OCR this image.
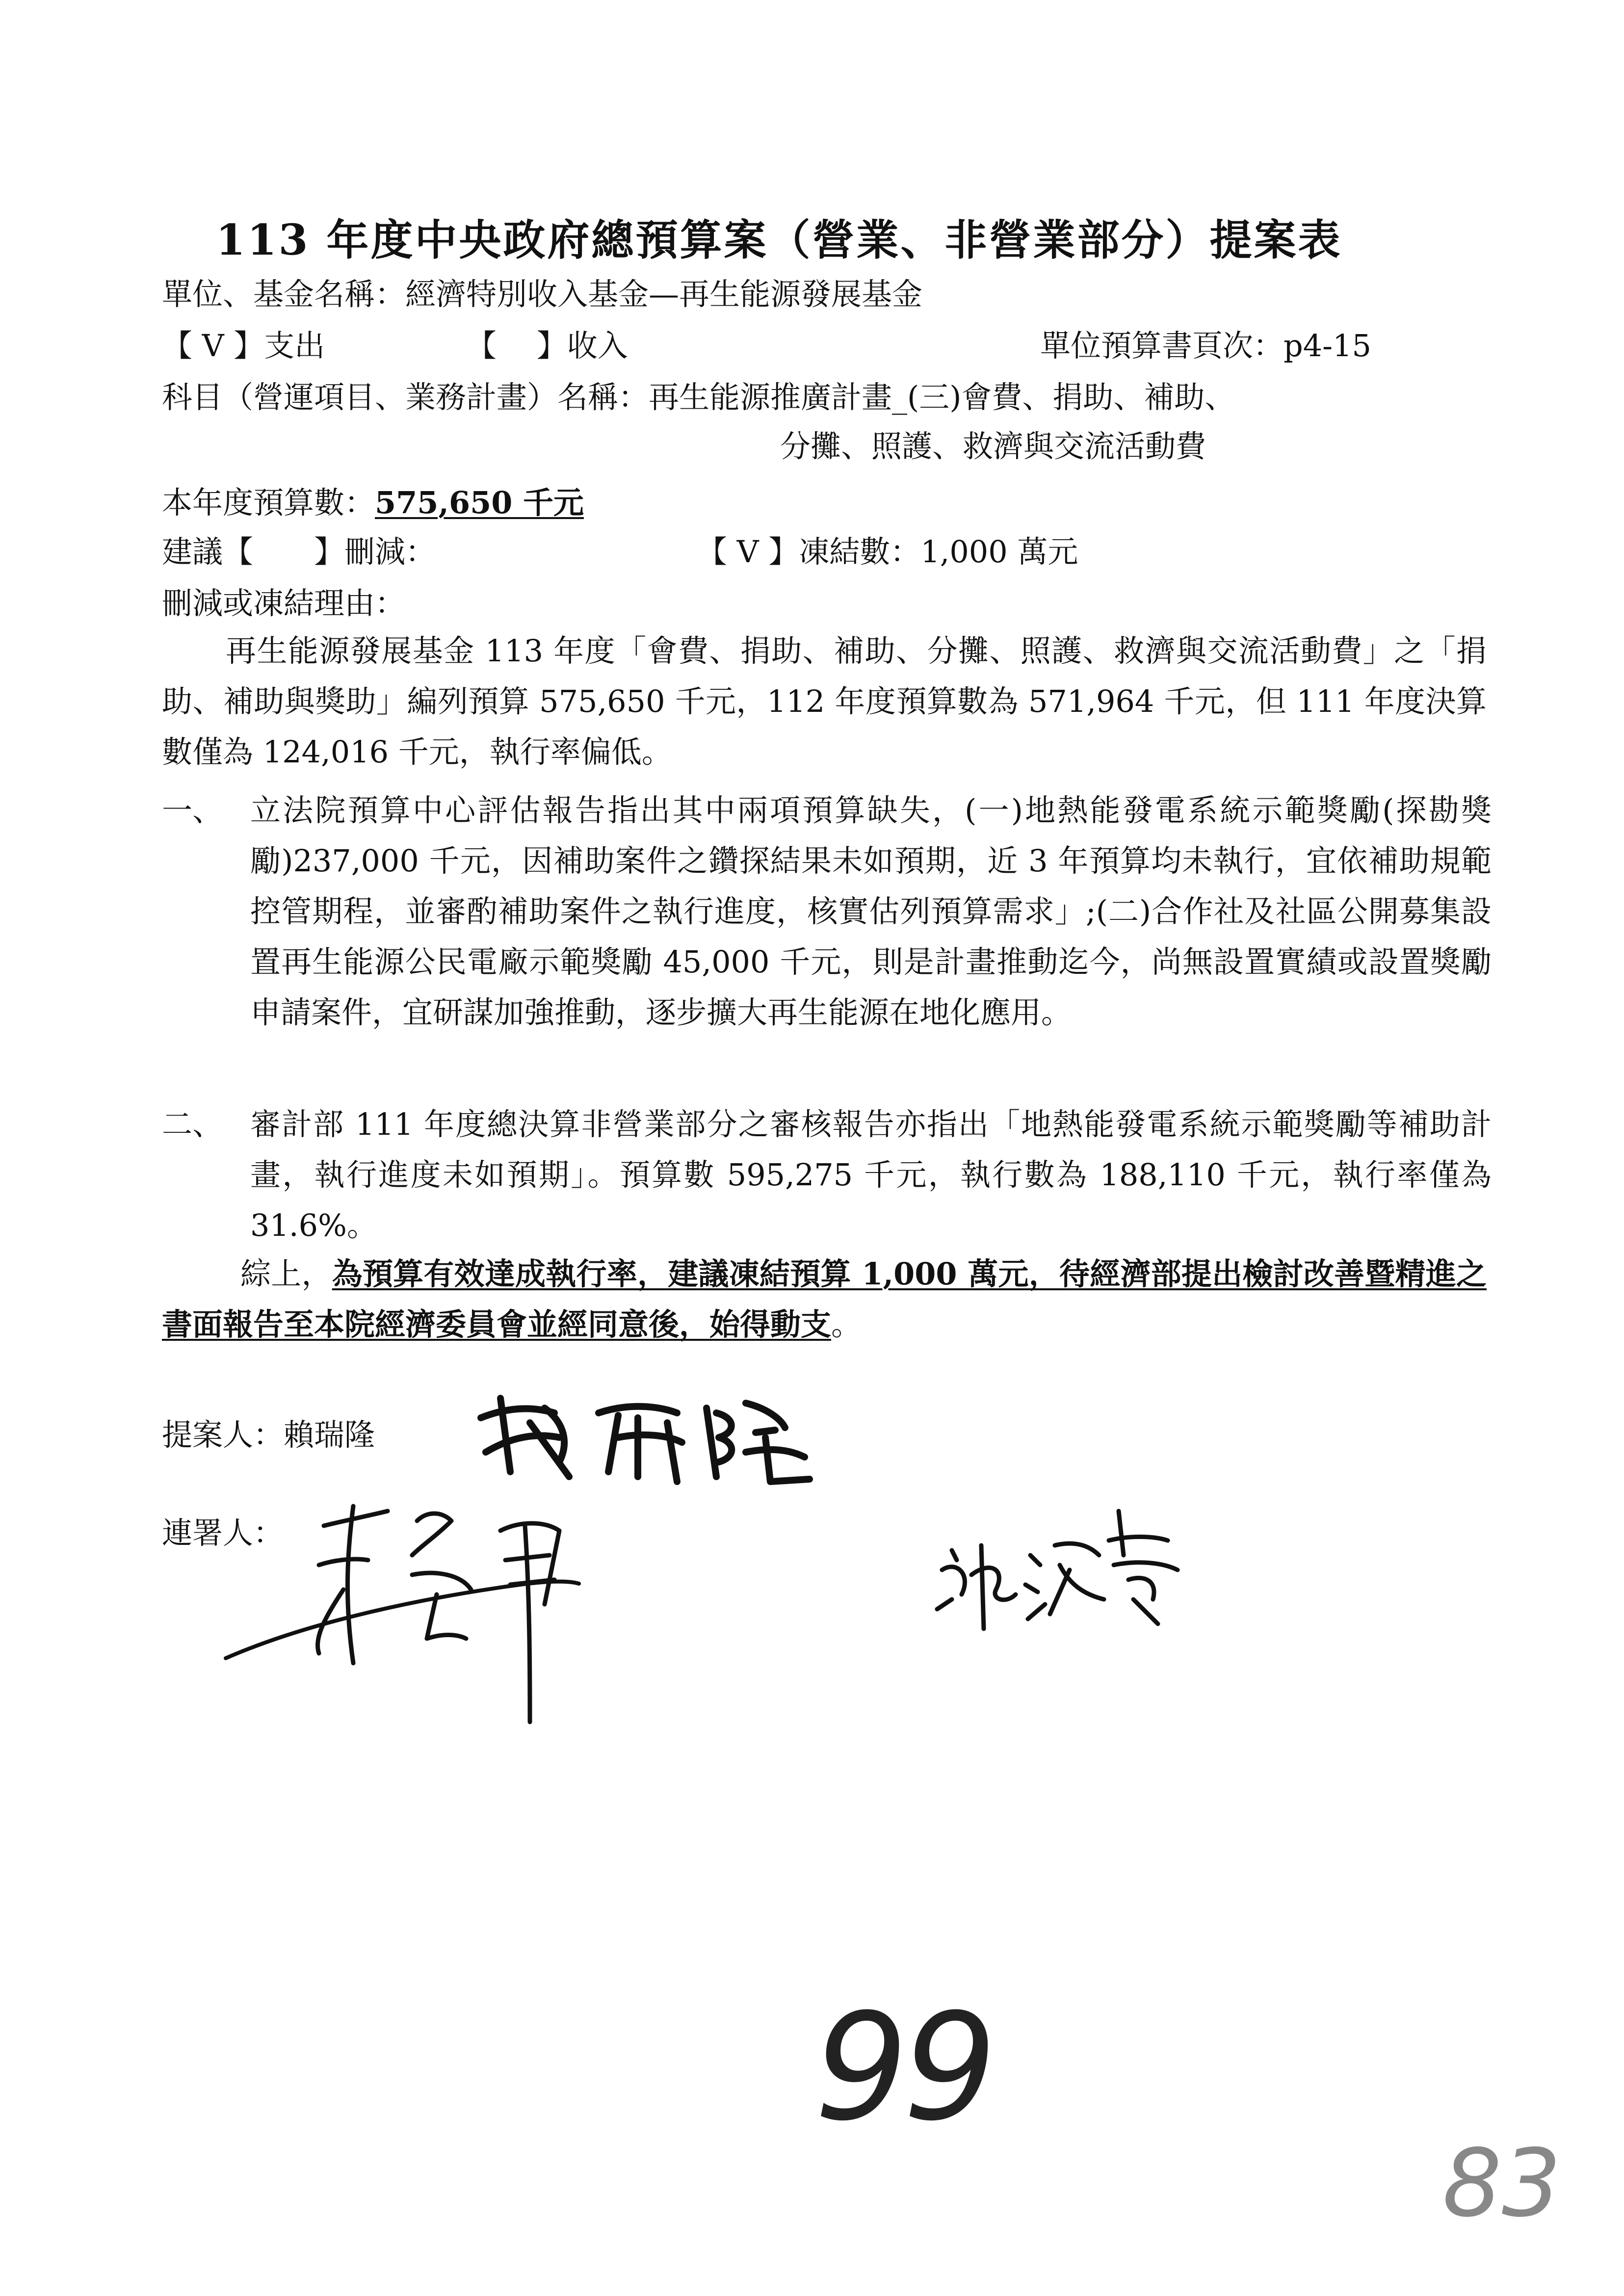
113 年度中央政府總預算案（營業、非營業部分）提案表
單位、基金名稱：經濟特別收入基金—再生能源發展基金
【 V 】支出	【　 】收入	單位預算書頁次：p4-15
科目（營運項目、業務計畫）名稱：再生能源推廣計畫_(三)會費、捐助、補助、
分攤、照護、救濟與交流活動費
本年度預算數：575,650 千元
建議【　　】刪減：	【 V 】凍結數：1,000 萬元
刪減或凍結理由：
再生能源發展基金 113 年度「會費、捐助、補助、分攤、照護、救濟與交流活動費」之「捐助、補助與獎助」編列預算 575,650 千元，112 年度預算數為 571,964 千元，但 111 年度決算數僅為 124,016 千元，執行率偏低。
一、 立法院預算中心評估報告指出其中兩項預算缺失，(一)地熱能發電系統示範獎勵(探勘獎勵)237,000 千元，因補助案件之鑽探結果未如預期，近 3 年預算均未執行，宜依補助規範控管期程，並審酌補助案件之執行進度，核實估列預算需求」;(二)合作社及社區公開募集設置再生能源公民電廠示範獎勵 45,000 千元，則是計畫推動迄今，尚無設置實績或設置獎勵申請案件，宜研謀加強推動，逐步擴大再生能源在地化應用。
二、 審計部 111 年度總決算非營業部分之審核報告亦指出「地熱能發電系統示範獎勵等補助計畫，執行進度未如預期」。預算數 595,275 千元，執行數為 188,110 千元，執行率僅為 31.6%。
綜上，為預算有效達成執行率，建議凍結預算 1,000 萬元，待經濟部提出檢討改善暨精進之書面報告至本院經濟委員會並經同意後，始得動支。
提案人：賴瑞隆
連署人：
99
83
